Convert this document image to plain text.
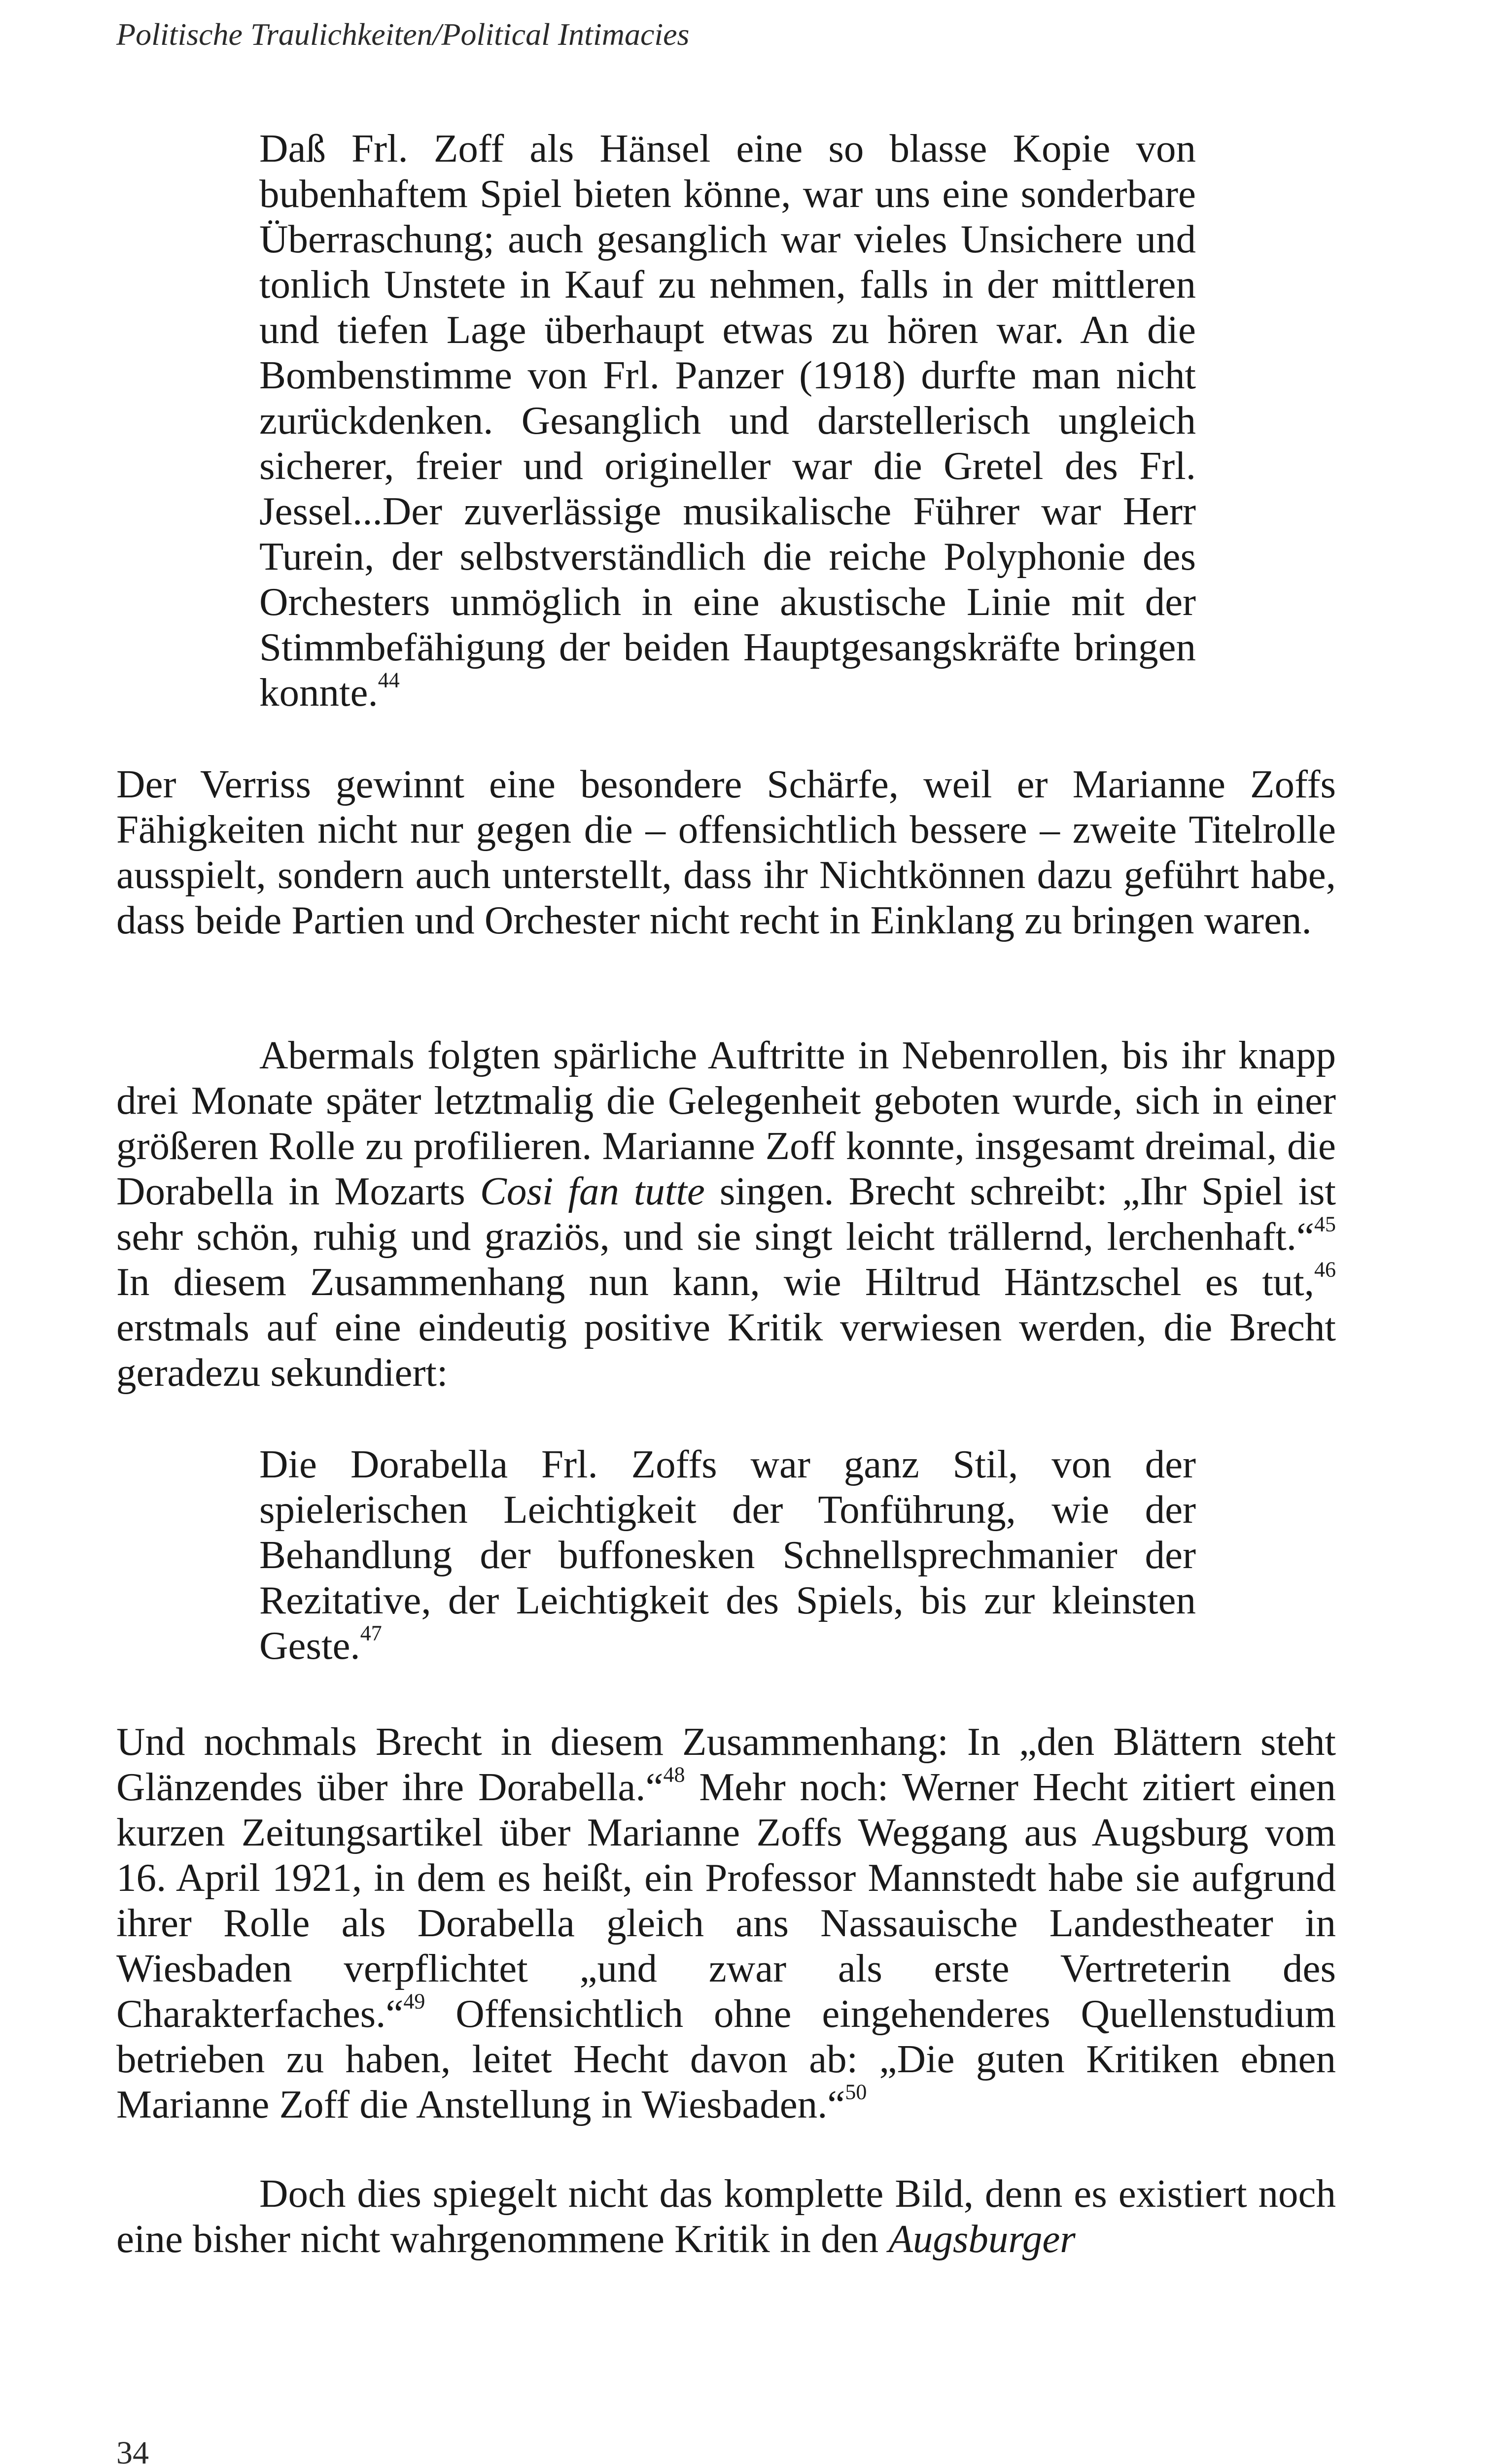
Politische Traulichkeiten/Political Intimacies

Daß Frl. Zoff als Hänsel eine so blasse Kopie von bubenhaftem Spiel bieten könne, war uns eine sonderbare Überraschung; auch gesanglich war vieles Unsichere und tonlich Unstete in Kauf zu nehmen, falls in der mittleren und tiefen Lage überhaupt etwas zu hören war. An die Bombenstimme von Frl. Panzer (1918) durfte man nicht zurückdenken. Gesanglich und darstellerisch ungleich sicherer, freier und origineller war die Gretel des Frl. Jessel...Der zuverlässige musikalische Führer war Herr Turein, der selbstverständlich die reiche Polyphonie des Orchesters unmöglich in eine akustische Linie mit der Stimmbefähigung der beiden Hauptgesangskräfte bringen konnte.$^{44}$

Der Verriss gewinnt eine besondere Schärfe, weil er Marianne Zoffs Fähigkeiten nicht nur gegen die – offensichtlich bessere – zweite Titelrolle ausspielt, sondern auch unterstellt, dass ihr Nichtkönnen dazu geführt habe, dass beide Partien und Orchester nicht recht in Einklang zu bringen waren.

Abermals folgten spärliche Auftritte in Nebenrollen, bis ihr knapp drei Monate später letztmalig die Gelegenheit geboten wurde, sich in einer größeren Rolle zu profilieren. Marianne Zoff konnte, insgesamt dreimal, die Dorabella in Mozarts Cosi fan tutte singen. Brecht schreibt: „Ihr Spiel ist sehr schön, ruhig und graziös, und sie singt leicht trällernd, lerchenhaft.“$^{45}$ In diesem Zusammenhang nun kann, wie Hiltrud Häntzschel es tut,$^{46}$ erstmals auf eine eindeutig positive Kritik verwiesen werden, die Brecht geradezu sekundiert:

Die Dorabella Frl. Zoffs war ganz Stil, von der spielerischen Leichtigkeit der Tonführung, wie der Behandlung der buffonesken Schnellsprechmanier der Rezitative, der Leichtigkeit des Spiels, bis zur kleinsten Geste.$^{47}$

Und nochmals Brecht in diesem Zusammenhang: In „den Blättern steht Glänzendes über ihre Dorabella.“$^{48}$ Mehr noch: Werner Hecht zitiert einen kurzen Zeitungsartikel über Marianne Zoffs Weggang aus Augsburg vom 16. April 1921, in dem es heißt, ein Professor Mannstedt habe sie aufgrund ihrer Rolle als Dorabella gleich ans Nassauische Landestheater in Wiesbaden verpflichtet „und zwar als erste Vertreterin des Charakterfaches.“$^{49}$ Offensichtlich ohne eingehenderes Quellenstudium betrieben zu haben, leitet Hecht davon ab: „Die guten Kritiken ebnen Marianne Zoff die Anstellung in Wiesbaden.“$^{50}$

Doch dies spiegelt nicht das komplette Bild, denn es existiert noch eine bisher nicht wahrgenommene Kritik in den Augsburger

34
